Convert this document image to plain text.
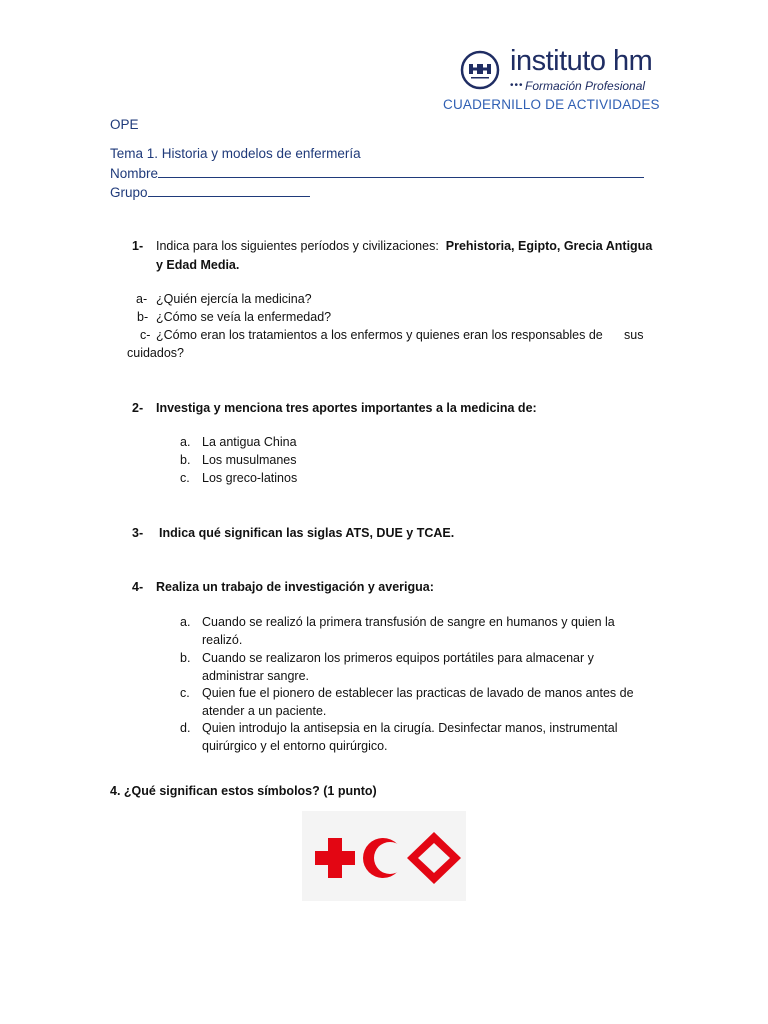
instituto hm
••• Formación Profesional
CUADERNILLO DE ACTIVIDADES
OPE
Tema 1. Historia y modelos de enfermería
Nombre
Grupo
1- Indica para los siguientes períodos y civilizaciones: Prehistoria, Egipto, Grecia Antigua
y Edad Media.
a- ¿Quién ejercía la medicina?
b- ¿Cómo se veía la enfermedad?
c- ¿Cómo eran los tratamientos a los enfermos y quienes eran los responsables de sus
cuidados?
2- Investiga y menciona tres aportes importantes a la medicina de:
a. La antigua China
b. Los musulmanes
c. Los greco-latinos
3- Indica qué significan las siglas ATS, DUE y TCAE.
4- Realiza un trabajo de investigación y averigua:
a. Cuando se realizó la primera transfusión de sangre en humanos y quien la
realizó.
b. Cuando se realizaron los primeros equipos portátiles para almacenar y
administrar sangre.
c. Quien fue el pionero de establecer las practicas de lavado de manos antes de
atender a un paciente.
d. Quien introdujo la antisepsia en la cirugía. Desinfectar manos, instrumental
quirúrgico y el entorno quirúrgico.
4. ¿Qué significan estos símbolos? (1 punto)
